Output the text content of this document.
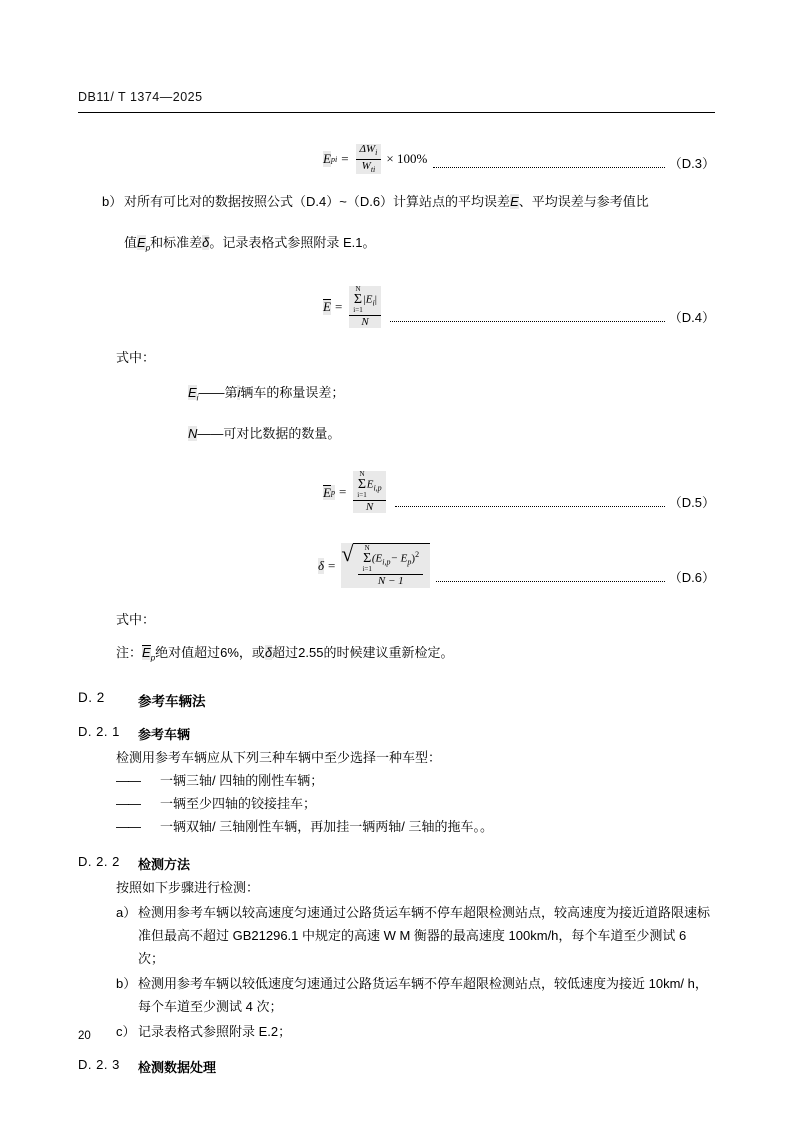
DB11/ T 1374—2025
E pi = $\frac{\Delta W_i}{W_{ti}} \times 100\%$	（D.3）
b） 对所有可比对的数据按照公式（D.4）~（D.6）计算站点的平均误差E、平均误差与参考值比
值$E_p$和标准差δ。记录表格式参照附录 E.1。
E = N
Σ
i=1
$|E_i|$
N	（D.4）
式中：
$E_i——$第i辆车的称量误差；
N——可对比数据的数量。
E p = N
Σ
i=1
$E_{i,p}$
N	（D.5）
δ = √ N
Σ
i=1
$(E_{i,p}- E_p)^2$
N − 1	（D.6）
式中：
注：$E_p$绝对值超过6%，或δ超过2.55的时候建议重新检定。
D. 2	参考车辆法
D. 2. 1	参考车辆
检测用参考车辆应从下列三种车辆中至少选择一种车型：
——	一辆三轴/ 四轴的刚性车辆；
——	一辆至少四轴的铰接挂车；
——	一辆双轴/ 三轴刚性车辆，再加挂一辆两轴/ 三轴的拖车。。
D. 2. 2	检测方法
按照如下步骤进行检测：
a） 检测用参考车辆以较高速度匀速通过公路货运车辆不停车超限检测站点，较高速度为接近道路限速标准但最高不超过 GB21296.1 中规定的高速 W M 衡器的最高速度 100km/h，每个车道至少测试 6 次；
b） 检测用参考车辆以较低速度匀速通过公路货运车辆不停车超限检测站点，较低速度为接近 10km/ h，每个车道至少测试 4 次；
c） 记录表格式参照附录 E.2；
D. 2. 3	检测数据处理
20
